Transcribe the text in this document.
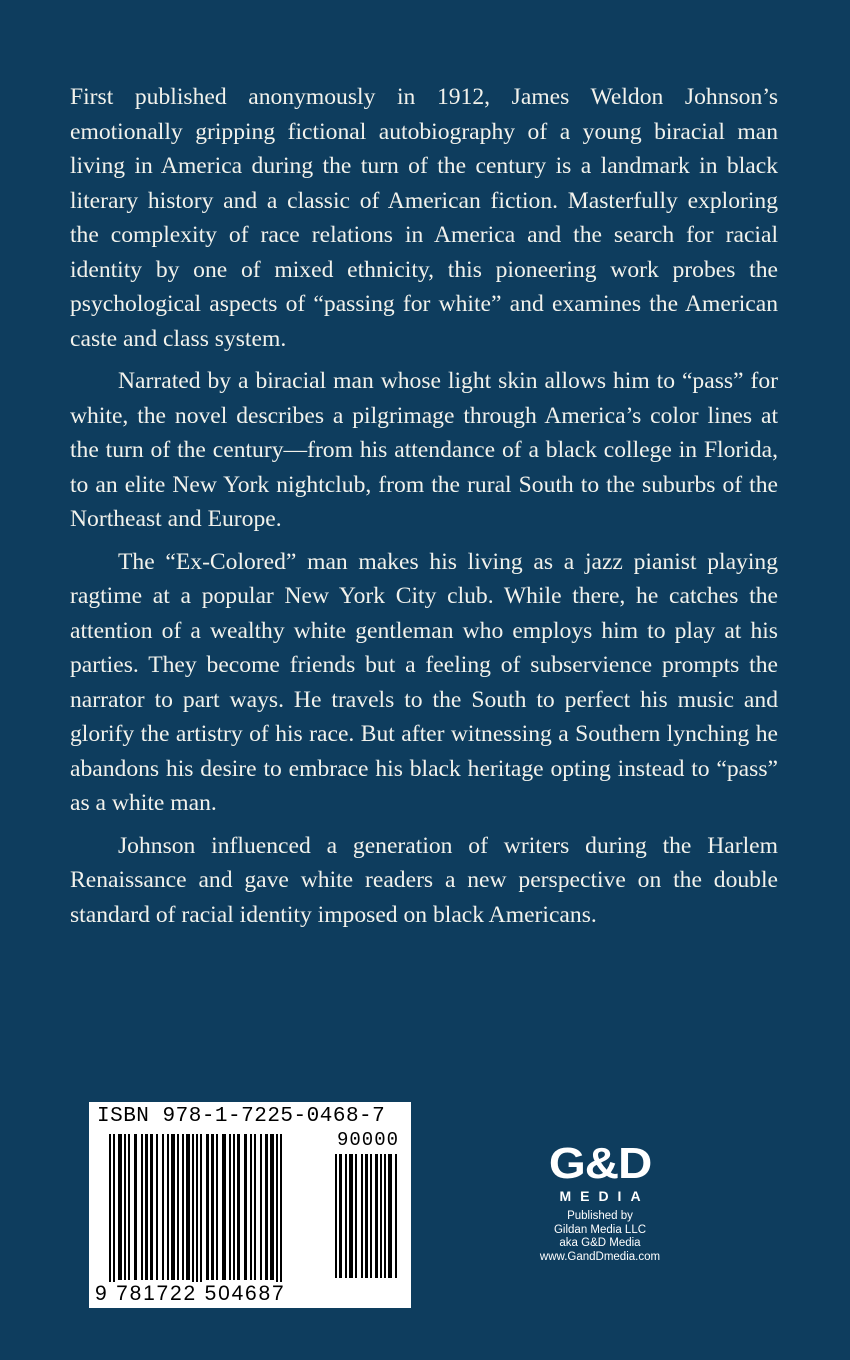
First published anonymously in 1912, James Weldon Johnson’s emotionally gripping fictional autobiography of a young biracial man living in America during the turn of the century is a landmark in black literary history and a classic of American fiction. Masterfully exploring the complexity of race relations in America and the search for racial identity by one of mixed ethnicity, this pioneering work probes the psychological aspects of “passing for white” and examines the American caste and class system.

Narrated by a biracial man whose light skin allows him to “pass” for white, the novel describes a pilgrimage through America’s color lines at the turn of the century—from his attendance of a black college in Florida, to an elite New York nightclub, from the rural South to the suburbs of the Northeast and Europe.

The “Ex-Colored” man makes his living as a jazz pianist playing ragtime at a popular New York City club. While there, he catches the attention of a wealthy white gentleman who employs him to play at his parties. They become friends but a feeling of subservience prompts the narrator to part ways. He travels to the South to perfect his music and glorify the artistry of his race. But after witnessing a Southern lynching he abandons his desire to embrace his black heritage opting instead to “pass” as a white man.

Johnson influenced a generation of writers during the Harlem Renaissance and gave white readers a new perspective on the double standard of racial identity imposed on black Americans.

ISBN 978-1-7225-0468-7
90000
9 781722 504687
G&D
MEDIA
Published by
Gildan Media LLC
aka G&D Media
www.GandDmedia.com
